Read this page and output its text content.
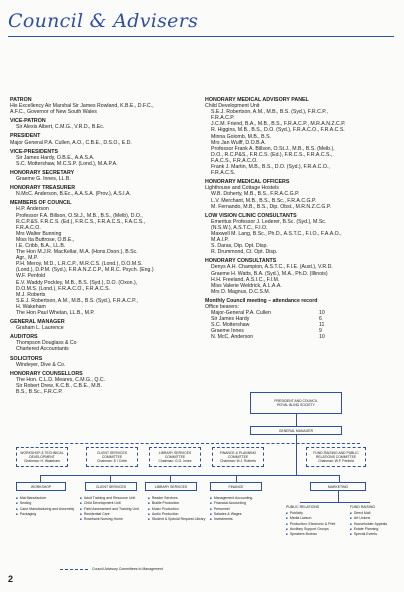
Council & Advisers
PATRON
His Excellency Air Marshal Sir James Rowland, K.B.E., D.F.C.,
A.F.C., Governor of New South Wales
VICE-PATRON
Sir Alexis Albert, C.M.G., V.R.D., B.Ec.
PRESIDENT
Major General P.A. Cullen, A.O., C.B.E., D.S.O., E.D.
VICE-PRESIDENTS
Sir James Hardy, O.B.E., A.A.S.A.
S.C. Mottershaw, M.C.S.P. (Lond.), M.A.P.A.
HONORARY SECRETARY
Graeme G. Innes, LL.B.
HONORARY TREASURER
N.McC. Anderson, B.Ec., A.A.S.A. (Prov.), A.S.I.A.
MEMBERS OF COUNCIL
H.P. Anderson
Professor F.A. Billson, O.St.J., M.B., B.S., (Melb), D.O.,
R.C.P.&S. F.R.C.S. (Ed.), F.R.C.S., F.R.A.C.S., F.A.C.S.,
F.R.A.C.O.
Mrs Walter Bunning
Miss Ita Buttrose, O.B.E.,
I.E. Cribb, B.A., LL.B.
The Hon M.J.R. MacKellar, M.A. (Hons.Oxon.), B.Sc.
Agr., M.P.
P.H. Meroy, M.D., L.R.C.P., M.R.C.S. (Lond.), D.O.M.S.
(Lond.), D.P.M. (Syd.), F.R.A.N.Z.C.P., M.R.C. Psych. (Eng.)
W.F. Penfold
E.V. Waddy Pockley, M.B., B.S. (Syd.), D.O. (Oxon.),
D.O.M.S. (Lond.), F.R.A.C.O., F.R.A.C.S.
M.J. Roberts
S.E.J. Robertson, A.M., M.B., B.S. (Syd.), F.R.A.C.P.,
H. Wakeham
The Hon Paul Whelan, LL.B., M.P.
GENERAL MANAGER
Graham L. Laurence
AUDITORS
Thompson Douglass & Co
Chartered Accountants
SOLICITORS
Windeyer, Dive & Co.
HONORARY COUNSELLORS
The Hon. C.L.D. Meares, C.M.G., Q.C.
Sir Robert Drew, K.C.B., C.B.E., M.B.
B.S., B.Sc., F.R.C.P.
HONORARY MEDICAL ADVISORY PANEL
Child Development Unit
S.E.J. Robertson, A.M., M.B., B.S. (Syd.), F.R.C.P.,
F.R.A.C.P.
J.C.M. Friend, B.A., M.B., B.S., F.R.A.C.P., M.R.A.N.Z.C.P.
R. Higgins, M.B., B.S., D.O. (Syd.), F.R.A.C.O., F.R.A.C.S.
Minna Golomb, M.B., B.S.
Mrs Jan Wulff, D.O.B.A.
Professor Frank A. Billson, O.St.J., M.B., B.S. (Melb.),
D.O., R.C.P&S., F.R.C.S. (Ed.), F.R.C.S., F.R.A.C.S.,
F.A.C.S., F.R.A.C.O.
Frank J. Martin, M.B., B.S., D.O. (Syd.), F.R.A.C.O.,
F.R.A.C.S.
HONORARY MEDICAL OFFICERS
Lighthouse and Cottage Hostels
W.B. Doherty, M.B., B.S., F.R.A.C.G.P.
L.V. Merchant, M.B., B.S., B.Sc., F.R.A.C.G.P.
M. Fernando, M.B., B.S., Dip. Obst., M.R.N.Z.C.G.P.
LOW VISION CLINIC CONSULTANTS
Emeritus Professor J. Lederer, B.Sc. (Syd.), M.Sc.
(N.S.W.), A.S.T.C., F.I.O.
Maxwell M. Lang, B.Sc., Ph.D., A.S.T.C., F.I.O., F.A.A.O.,
M.A.I.P.
S. Daras, Dip. Opt. Disp.
R. Drummond, Ct. Opt. Disp.
HONORARY CONSULTANTS
Denys A.H. Champion, A.S.T.C., F.I.E. (Aust.), V.R.D.
Graeme H. Watts, B.A. (Syd.), M.A., Ph.D. (Illinois)
H.H. Freeland, A.S.I.C., F.I.M.
Miss Valerie Weldrick, A.L.A.A.
Mrs D. Magnus, D.C.S.M.
Monthly Council meeting – attendance record
Office bearers:
Major-General P.A. Cullen	10
Sir James Hardy	6
S.C. Mottershaw	11
Graeme Innes	9
N. McC. Anderson	10
PRESIDENT AND COUNCIL
ROYAL BLIND SOCIETY
GENERAL MANAGER
WORKSHOP & TECHNICAL DEVELOPMENT
Chairman: H. Wakeham
CLIENT SERVICES COMMITTEE
Chairman: E I Cribb
LIBRARY SERVICES COMMITTEE
Chairman: G.G. Innes
FINANCE & PLANNING COMMITTEE
Chairman: M.J. Roberts
FUND RAISING AND PUBLIC RELATIONS COMMITTEE
Chairman: W.F. Penfold
WORKSHOP	CLIENT SERVICES	LIBRARY SERVICES	FINANCE	MARKETING
PUBLIC RELATIONS	FUND RAISING
■ Mat Manufacture
■ Sewing
■ Cane Manufacturing and Assembly
■ Packaging
■ Adult Training and Resource Unit
■ Child Development Unit
■ Field Assessment and Training Unit
■ Residential Care
■ Rosebank Nursing Home
■ Reader Services
■ Braille Production
■ Music Production
■ Audio Production
■ Student & Special Request Library
■ Management Accounting
■ Financial Accounting
■ Personnel
■ Salaries & Wages
■ Investments
■ Publicity
■ Media Liaison
■ Production: Electronic & Print
■ Auxiliary Support Groups
■ Speakers Bureau
■ Direct Mail
■ Art Unions
■ Householder Appeals
■ Estate Planning
■ Special Events
Council Advisory Committees to Management
2
